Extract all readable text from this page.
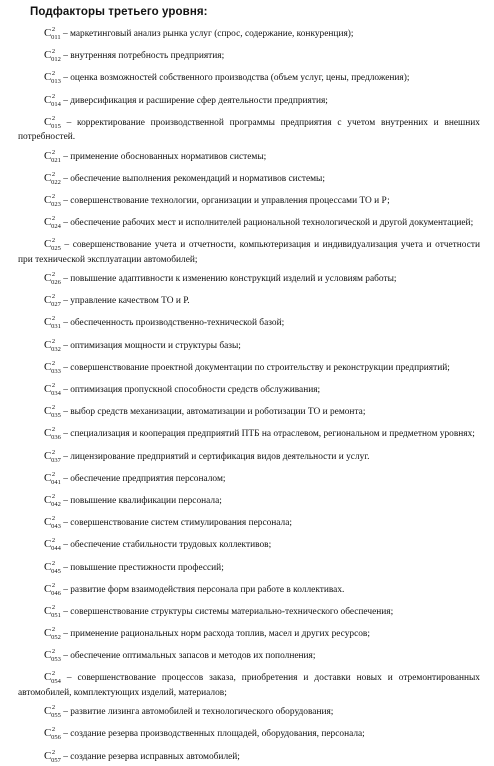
Подфакторы третьего уровня:
$C^2_{011}$ – маркетинговый анализ рынка услуг (спрос, содержание, конкуренция);
$C^2_{012}$ – внутренняя потребность предприятия;
$C^2_{013}$ – оценка возможностей собственного производства (объем услуг, цены, предложения);
$C^2_{014}$ – диверсификация и расширение сфер деятельности предприятия;
$C^2_{015}$ – корректирование производственной программы предприятия с учетом внутренних и внешних потребностей.
$C^2_{021}$ – применение обоснованных нормативов системы;
$C^2_{022}$ – обеспечение выполнения рекомендаций и нормативов системы;
$C^2_{023}$ – совершенствование технологии, организации и управления процессами ТО и Р;
$C^2_{024}$ – обеспечение рабочих мест и исполнителей рациональной технологической и другой документацией;
$C^2_{025}$ – совершенствование учета и отчетности, компьютеризация и индивидуализация учета и отчетности при технической эксплуатации автомобилей;
$C^2_{026}$ – повышение адаптивности к изменению конструкций изделий и условиям работы;
$C^2_{027}$ – управление качеством ТО и Р.
$C^2_{031}$ – обеспеченность производственно-технической базой;
$C^2_{032}$ – оптимизация мощности и структуры базы;
$C^2_{033}$ – совершенствование проектной документации по строительству и реконструкции предприятий;
$C^2_{034}$ – оптимизация пропускной способности средств обслуживания;
$C^2_{035}$ – выбор средств механизации, автоматизации и роботизации ТО и ремонта;
$C^2_{036}$ – специализация и кооперация предприятий ПТБ на отраслевом, региональном и предметном уровнях;
$C^2_{037}$ – лицензирование предприятий и сертификация видов деятельности и услуг.
$C^2_{041}$ – обеспечение предприятия персоналом;
$C^2_{042}$ – повышение квалификации персонала;
$C^2_{043}$ – совершенствование систем стимулирования персонала;
$C^2_{044}$ – обеспечение стабильности трудовых коллективов;
$C^2_{045}$ – повышение престижности профессий;
$C^2_{046}$ – развитие форм взаимодействия персонала при работе в коллективах.
$C^2_{051}$ – совершенствование структуры системы материально-технического обеспечения;
$C^2_{052}$ – применение рациональных норм расхода топлив, масел и других ресурсов;
$C^2_{053}$ – обеспечение оптимальных запасов и методов их пополнения;
$C^2_{054}$ – совершенствование процессов заказа, приобретения и доставки новых и отремонтированных автомобилей, комплектующих изделий, материалов;
$C^2_{055}$ – развитие лизинга автомобилей и технологического оборудования;
$C^2_{056}$ – создание резерва производственных площадей, оборудования, персонала;
$C^2_{057}$ – создание резерва исправных автомобилей;
